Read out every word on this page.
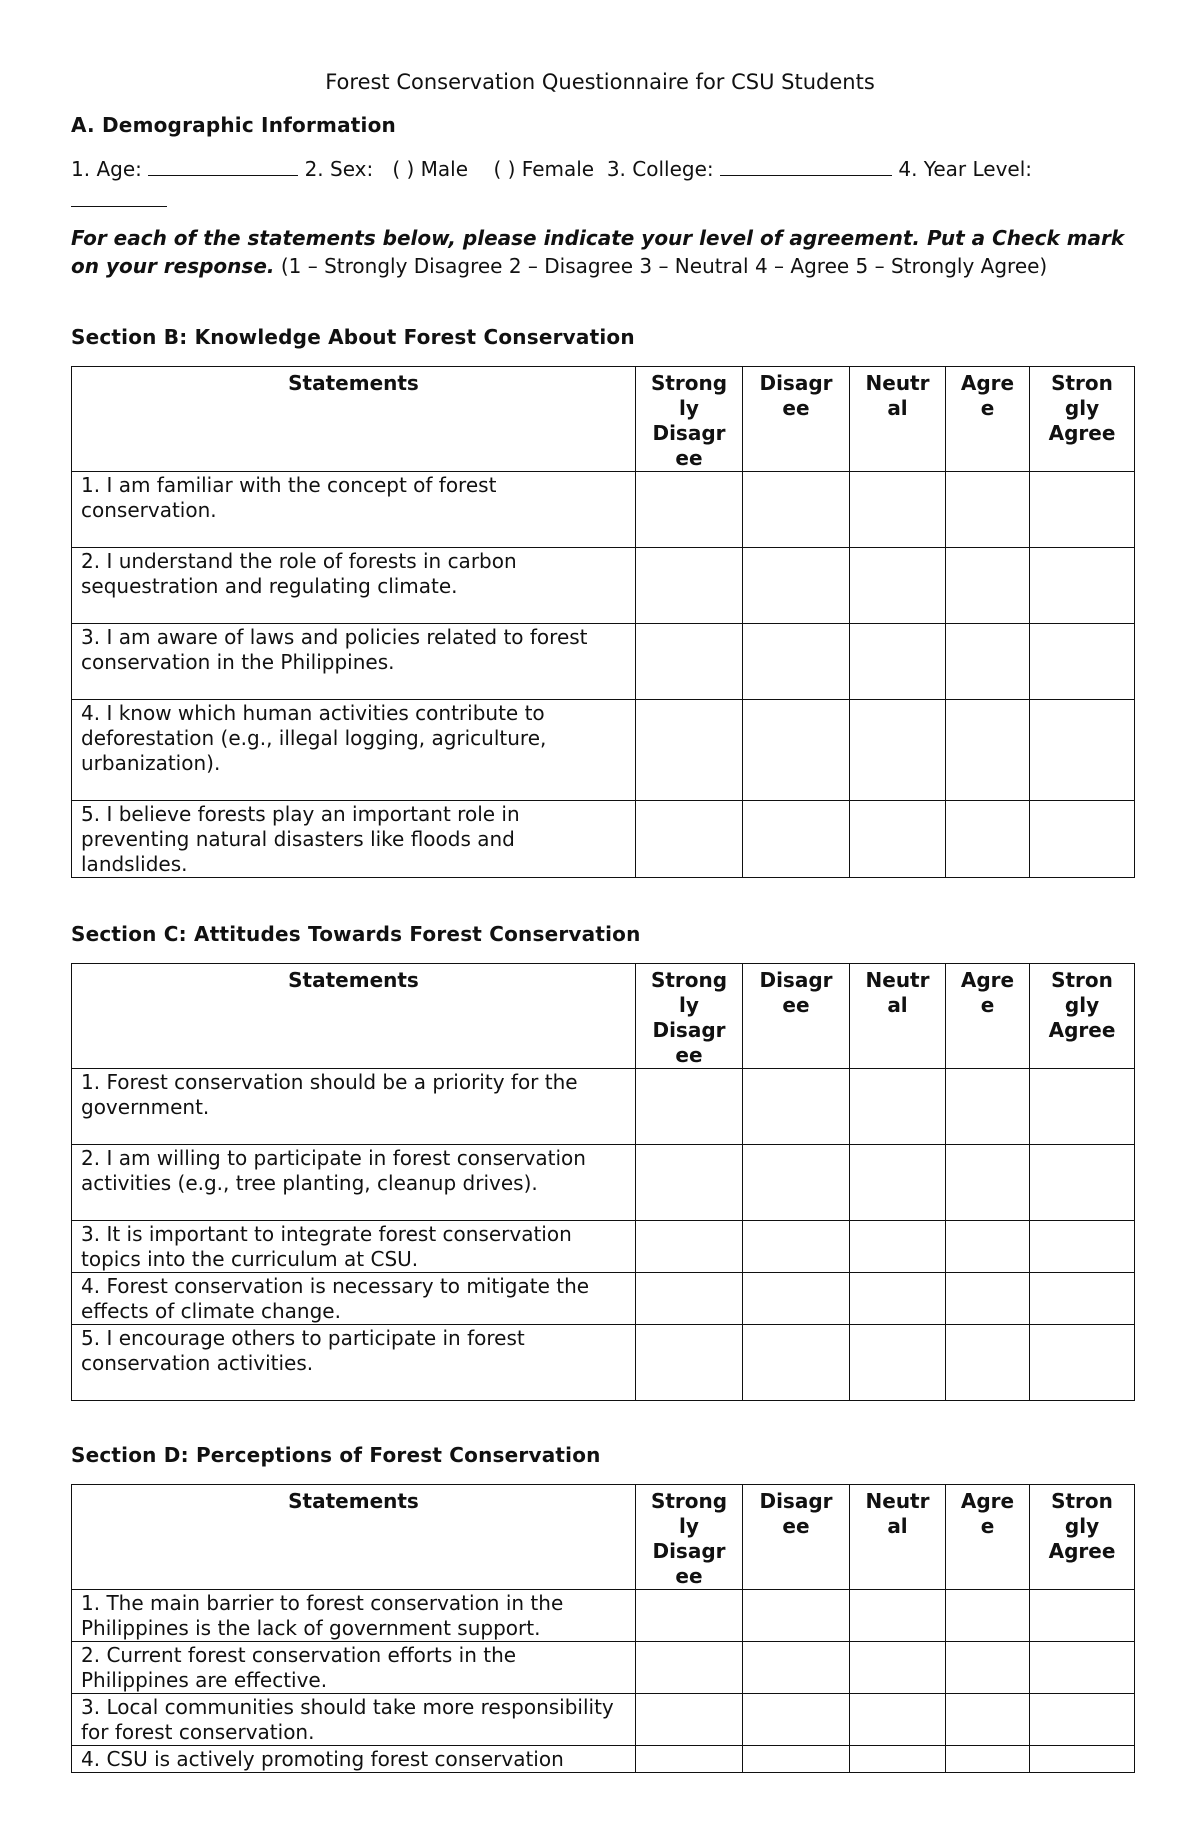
Forest Conservation Questionnaire for CSU Students
A. Demographic Information
1. Age:	2. Sex: ( ) Male ( ) Female 3. College:	4. Year Level:
For each of the statements below, please indicate your level of agreement. Put a Check mark on your response. (1 – Strongly Disagree 2 – Disagree 3 – Neutral 4 – Agree 5 – Strongly Agree)
Section B: Knowledge About Forest Conservation
Statements	Strong ly Disagr ee	Disagr ee	Neutr al	Agre e	Stron gly Agree
1. I am familiar with the concept of forest conservation.					
2. I understand the role of forests in carbon sequestration and regulating climate.					
3. I am aware of laws and policies related to forest conservation in the Philippines.					
4. I know which human activities contribute to deforestation (e.g., illegal logging, agriculture, urbanization).					
5. I believe forests play an important role in preventing natural disasters like floods and landslides.					
Section C: Attitudes Towards Forest Conservation
Statements	Strong ly Disagr ee	Disagr ee	Neutr al	Agre e	Stron gly Agree
1. Forest conservation should be a priority for the government.					
2. I am willing to participate in forest conservation activities (e.g., tree planting, cleanup drives).					
3. It is important to integrate forest conservation topics into the curriculum at CSU.					
4. Forest conservation is necessary to mitigate the effects of climate change.					
5. I encourage others to participate in forest conservation activities.					
Section D: Perceptions of Forest Conservation
Statements	Strong ly Disagr ee	Disagr ee	Neutr al	Agre e	Stron gly Agree
1. The main barrier to forest conservation in the Philippines is the lack of government support.					
2. Current forest conservation efforts in the Philippines are effective.					
3. Local communities should take more responsibility for forest conservation.					
4. CSU is actively promoting forest conservation					
